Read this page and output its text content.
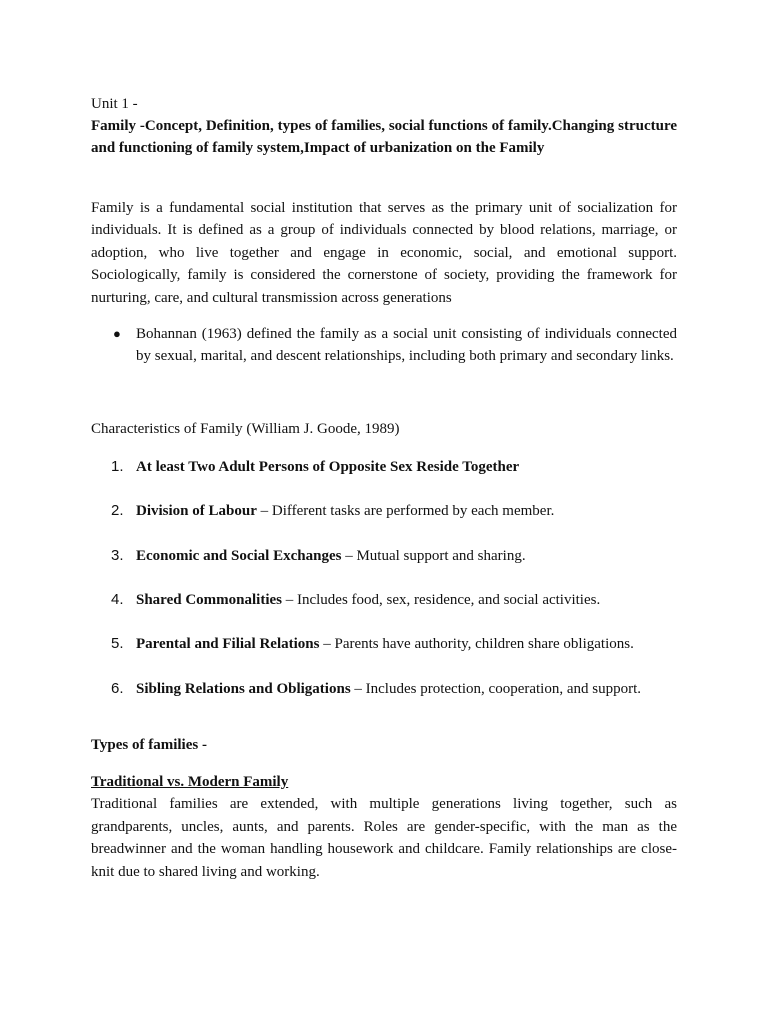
Unit 1 -

Family -Concept, Definition, types of families, social functions of family.Changing structure and functioning of family system,Impact of urbanization on the Family

Family is a fundamental social institution that serves as the primary unit of socialization for individuals. It is defined as a group of individuals connected by blood relations, marriage, or adoption, who live together and engage in economic, social, and emotional support. Sociologically, family is considered the cornerstone of society, providing the framework for nurturing, care, and cultural transmission across generations

● Bohannan (1963) defined the family as a social unit consisting of individuals connected by sexual, marital, and descent relationships, including both primary and secondary links.

Characteristics of Family (William J. Goode, 1989)

1. At least Two Adult Persons of Opposite Sex Reside Together
2. Division of Labour – Different tasks are performed by each member.
3. Economic and Social Exchanges – Mutual support and sharing.
4. Shared Commonalities – Includes food, sex, residence, and social activities.
5. Parental and Filial Relations – Parents have authority, children share obligations.
6. Sibling Relations and Obligations – Includes protection, cooperation, and support.

Types of families -

Traditional vs. Modern Family

Traditional families are extended, with multiple generations living together, such as grandparents, uncles, aunts, and parents. Roles are gender-specific, with the man as the breadwinner and the woman handling housework and childcare. Family relationships are close-knit due to shared living and working.
